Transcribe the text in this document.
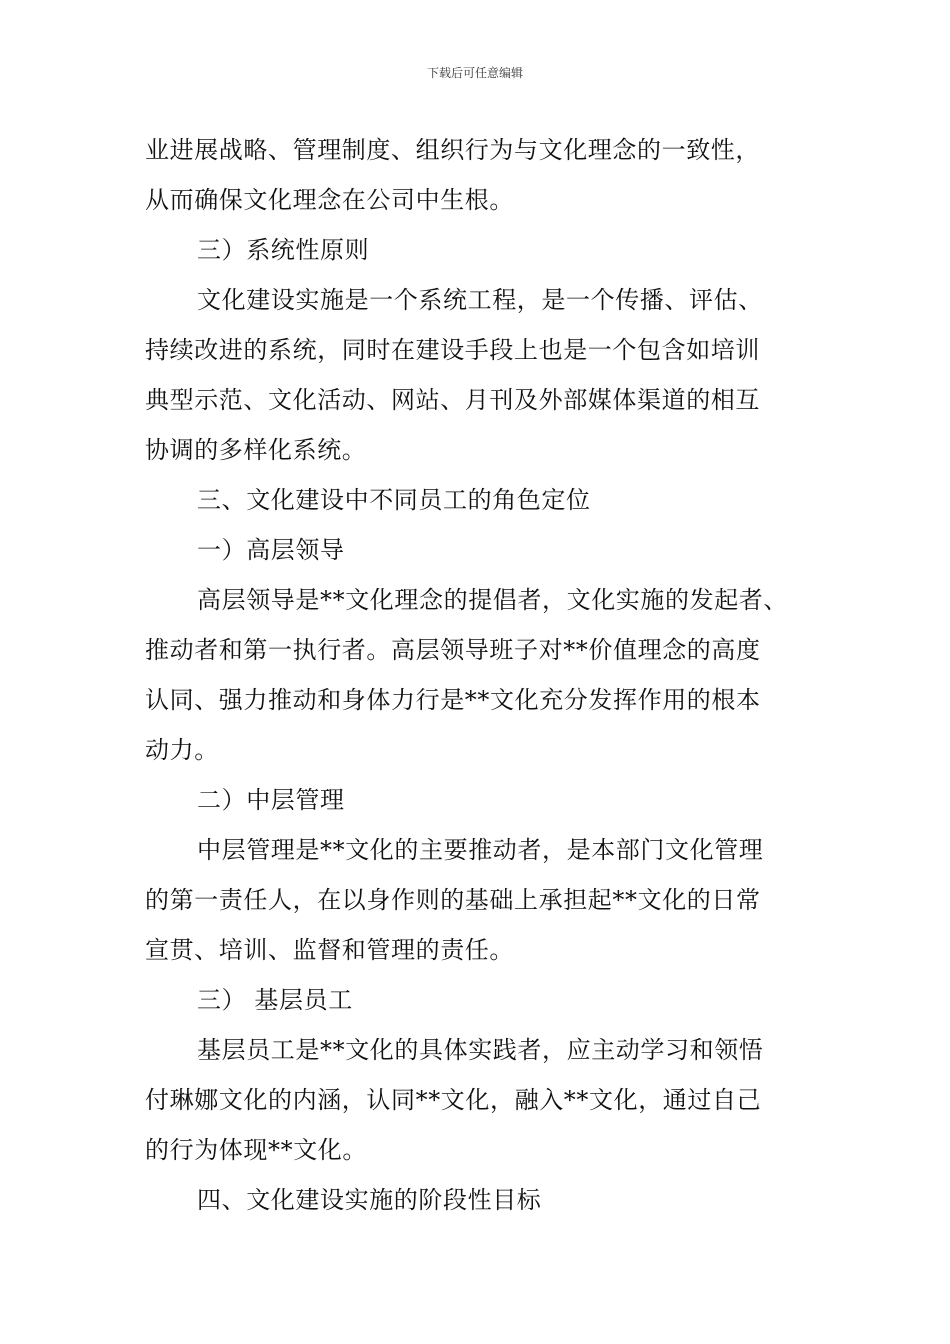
下载后可任意编辑
业进展战略、管理制度、组织行为与文化理念的一致性，
从而确保文化理念在公司中生根。
三）系统性原则
文化建设实施是一个系统工程，是一个传播、评估、
持续改进的系统，同时在建设手段上也是一个包含如培训
典型示范、文化活动、网站、月刊及外部媒体渠道的相互
协调的多样化系统。
三、文化建设中不同员工的角色定位
一）高层领导
高层领导是**文化理念的提倡者，文化实施的发起者、
推动者和第一执行者。高层领导班子对**价值理念的高度
认同、强力推动和身体力行是**文化充分发挥作用的根本
动力。
二）中层管理
中层管理是**文化的主要推动者，是本部门文化管理
的第一责任人，在以身作则的基础上承担起**文化的日常
宣贯、培训、监督和管理的责任。
三） 基层员工
基层员工是**文化的具体实践者，应主动学习和领悟
付琳娜文化的内涵，认同**文化，融入**文化，通过自己
的行为体现**文化。
四、文化建设实施的阶段性目标
